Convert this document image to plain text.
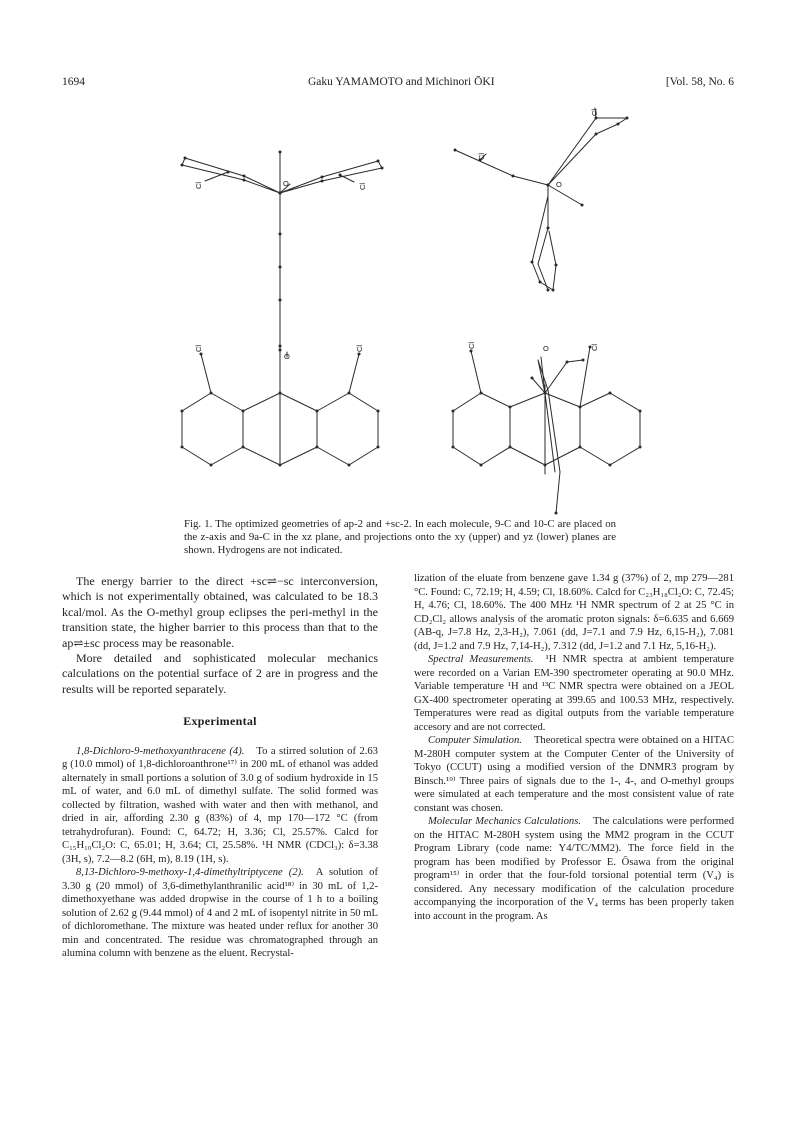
1694	Gaku YAMAMOTO and Michinori ŌKI	[Vol. 58, No. 6
Cl	O	Cl
Cl
Cl
O
Cl
O
Cl	Cl	O	Cl

Fig. 1. The optimized geometries of ap-2 and +sc-2. In each molecule, 9-C and 10-C are placed on the z-axis and 9a-C in the xz plane, and projections onto the xy (upper) and yz (lower) planes are shown. Hydrogens are not indicated.

The energy barrier to the direct +sc⇌−sc interconversion, which is not experimentally obtained, was calculated to be 18.3 kcal/mol. As the O-methyl group eclipses the peri-methyl in the transition state, the higher barrier to this process than that to the ap⇌±sc process may be reasonable.

More detailed and sophisticated molecular mechanics calculations on the potential surface of 2 are in progress and the results will be reported separately.

Experimental

1,8-Dichloro-9-methoxyanthracene (4). To a stirred solution of 2.63 g (10.0 mmol) of 1,8-dichloroanthrone¹⁷⁾ in 200 mL of ethanol was added alternately in small portions a solution of 3.0 g of sodium hydroxide in 15 mL of water, and 6.0 mL of dimethyl sulfate. The solid formed was collected by filtration, washed with water and then with methanol, and dried in air, affording 2.30 g (83%) of 4, mp 170—172 °C (from tetrahydrofuran). Found: C, 64.72; H, 3.36; Cl, 25.57%. Calcd for C₁₅H₁₀Cl₂O: C, 65.01; H, 3.64; Cl, 25.58%. ¹H NMR (CDCl₃): δ=3.38 (3H, s), 7.2—8.2 (6H, m), 8.19 (1H, s).

8,13-Dichloro-9-methoxy-1,4-dimethyltriptycene (2). A solution of 3.30 g (20 mmol) of 3,6-dimethylanthranilic acid¹⁸⁾ in 30 mL of 1,2-dimethoxyethane was added dropwise in the course of 1 h to a boiling solution of 2.62 g (9.44 mmol) of 4 and 2 mL of isopentyl nitrite in 50 mL of dichloromethane. The mixture was heated under reflux for another 30 min and concentrated. The residue was chromatographed through an alumina column with benzene as the eluent. Recrystal-

lization of the eluate from benzene gave 1.34 g (37%) of 2, mp 279—281 °C. Found: C, 72.19; H, 4.59; Cl, 18.60%. Calcd for C₂₃H₁₈Cl₂O: C, 72.45; H, 4.76; Cl, 18.60%. The 400 MHz ¹H NMR spectrum of 2 at 25 °C in CD₂Cl₂ allows analysis of the aromatic proton signals: δ=6.635 and 6.669 (AB-q, J=7.8 Hz, 2,3-H₂), 7.061 (dd, J=7.1 and 7.9 Hz, 6,15-H₂), 7.081 (dd, J=1.2 and 7.9 Hz, 7,14-H₂), 7.312 (dd, J=1.2 and 7.1 Hz, 5,16-H₂).

Spectral Measurements. ¹H NMR spectra at ambient temperature were recorded on a Varian EM-390 spectrometer operating at 90.0 MHz. Variable temperature ¹H and ¹³C NMR spectra were obtained on a JEOL GX-400 spectrometer operating at 399.65 and 100.53 MHz, respectively. Temperatures were read as digital outputs from the variable temperature accesory and are not corrected.

Computer Simulation. Theoretical spectra were obtained on a HITAC M-280H computer system at the Computer Center of the University of Tokyo (CCUT) using a modified version of the DNMR3 program by Binsch.¹⁹⁾ Three pairs of signals due to the 1-, 4-, and O-methyl groups were simulated at each temperature and the most consistent value of rate constant was chosen.

Molecular Mechanics Calculations. The calculations were performed on the HITAC M-280H system using the MM2 program in the CCUT Program Library (code name: Y4/TC/MM2). The force field in the program has been modified by Professor E. Ōsawa from the original program¹⁵⁾ in order that the four-fold torsional potential term (V₄) is considered. Any necessary modification of the calculation procedure accompanying the incorporation of the V₄ terms has been properly taken into account in the program. As
